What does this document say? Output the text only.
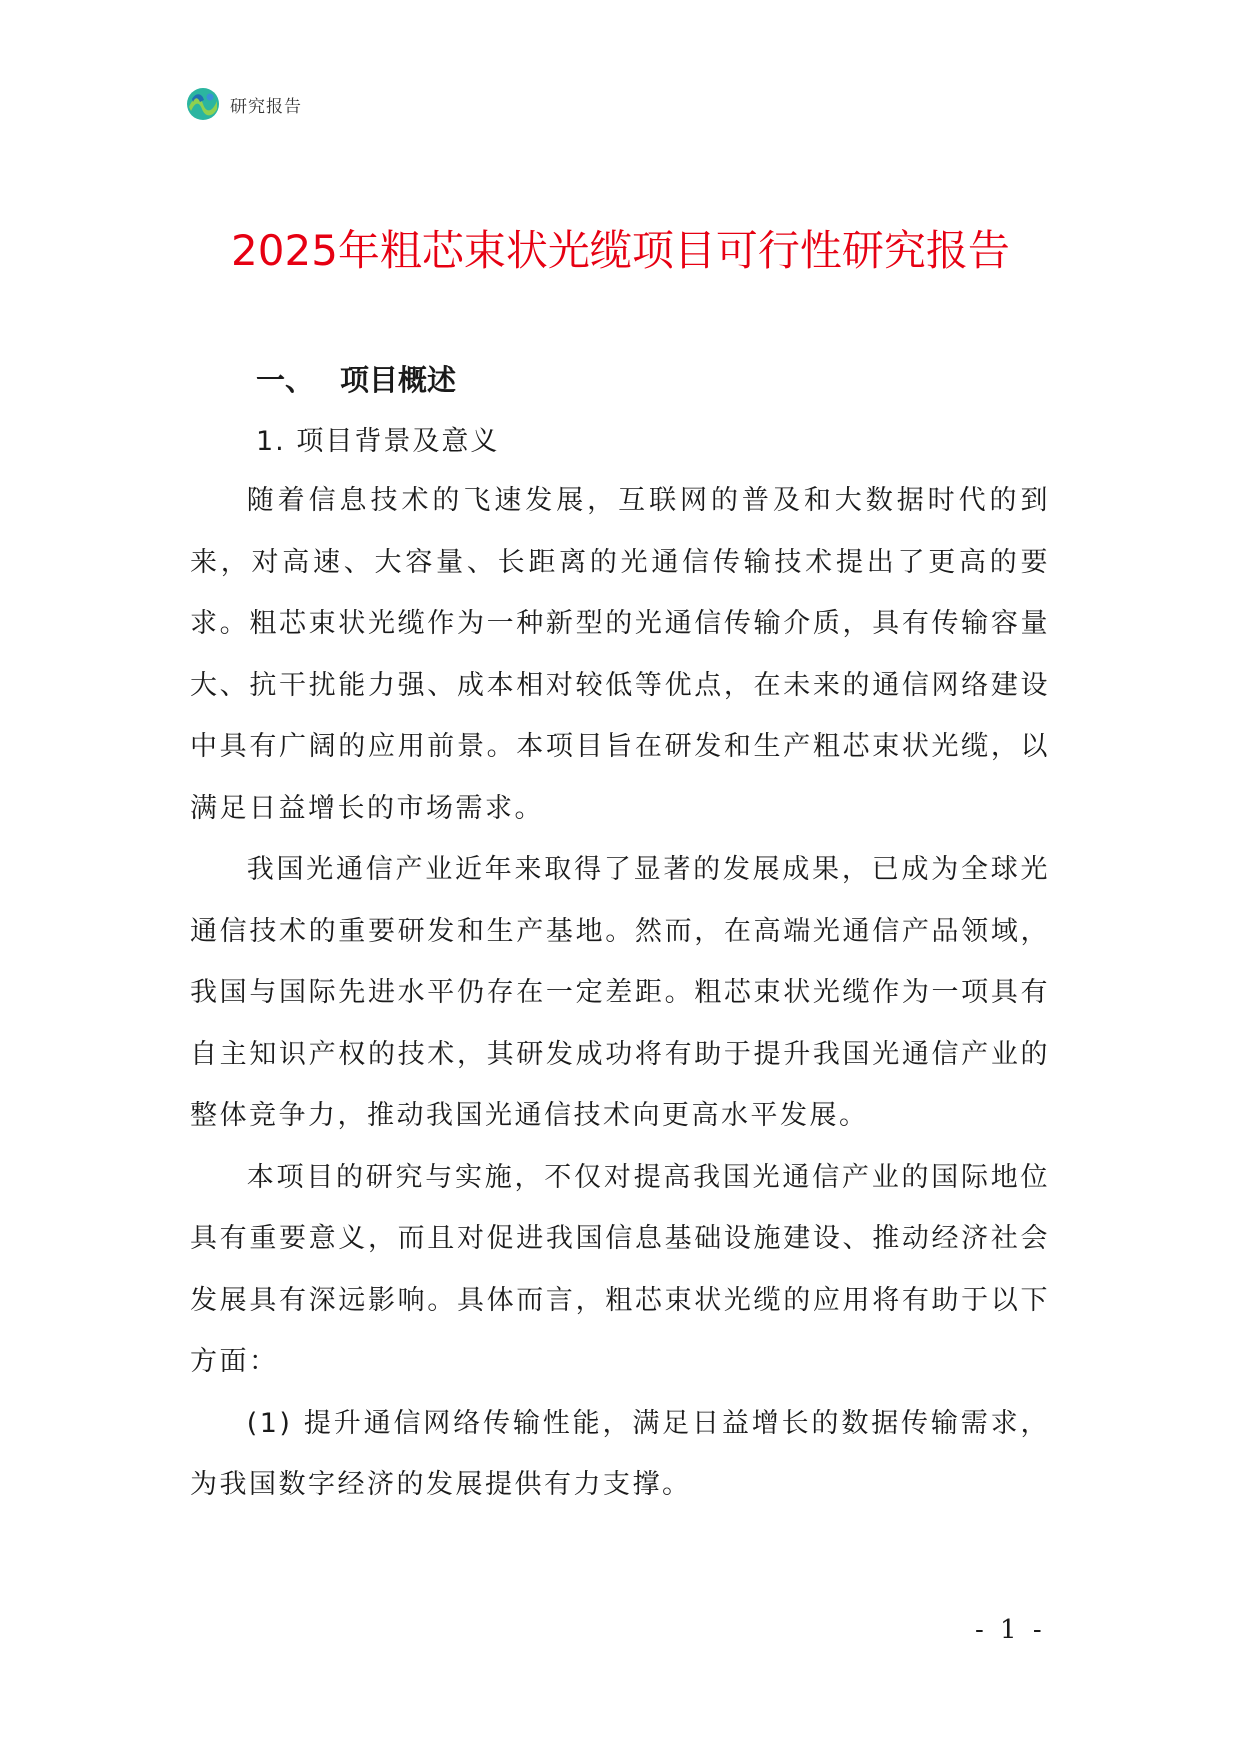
研究报告
2025年粗芯束状光缆项目可行性研究报告
一、 项目概述
1. 项目背景及意义

随着信息技术的飞速发展，互联网的普及和大数据时代的到来，对高速、大容量、长距离的光通信传输技术提出了更高的要求。粗芯束状光缆作为一种新型的光通信传输介质，具有传输容量大、抗干扰能力强、成本相对较低等优点，在未来的通信网络建设中具有广阔的应用前景。本项目旨在研发和生产粗芯束状光缆，以满足日益增长的市场需求。

我国光通信产业近年来取得了显著的发展成果，已成为全球光通信技术的重要研发和生产基地。然而，在高端光通信产品领域，我国与国际先进水平仍存在一定差距。粗芯束状光缆作为一项具有自主知识产权的技术，其研发成功将有助于提升我国光通信产业的整体竞争力，推动我国光通信技术向更高水平发展。

本项目的研究与实施，不仅对提高我国光通信产业的国际地位具有重要意义，而且对促进我国信息基础设施建设、推动经济社会发展具有深远影响。具体而言，粗芯束状光缆的应用将有助于以下方面：

(1) 提升通信网络传输性能，满足日益增长的数据传输需求，为我国数字经济的发展提供有力支撑。

- 1 -
